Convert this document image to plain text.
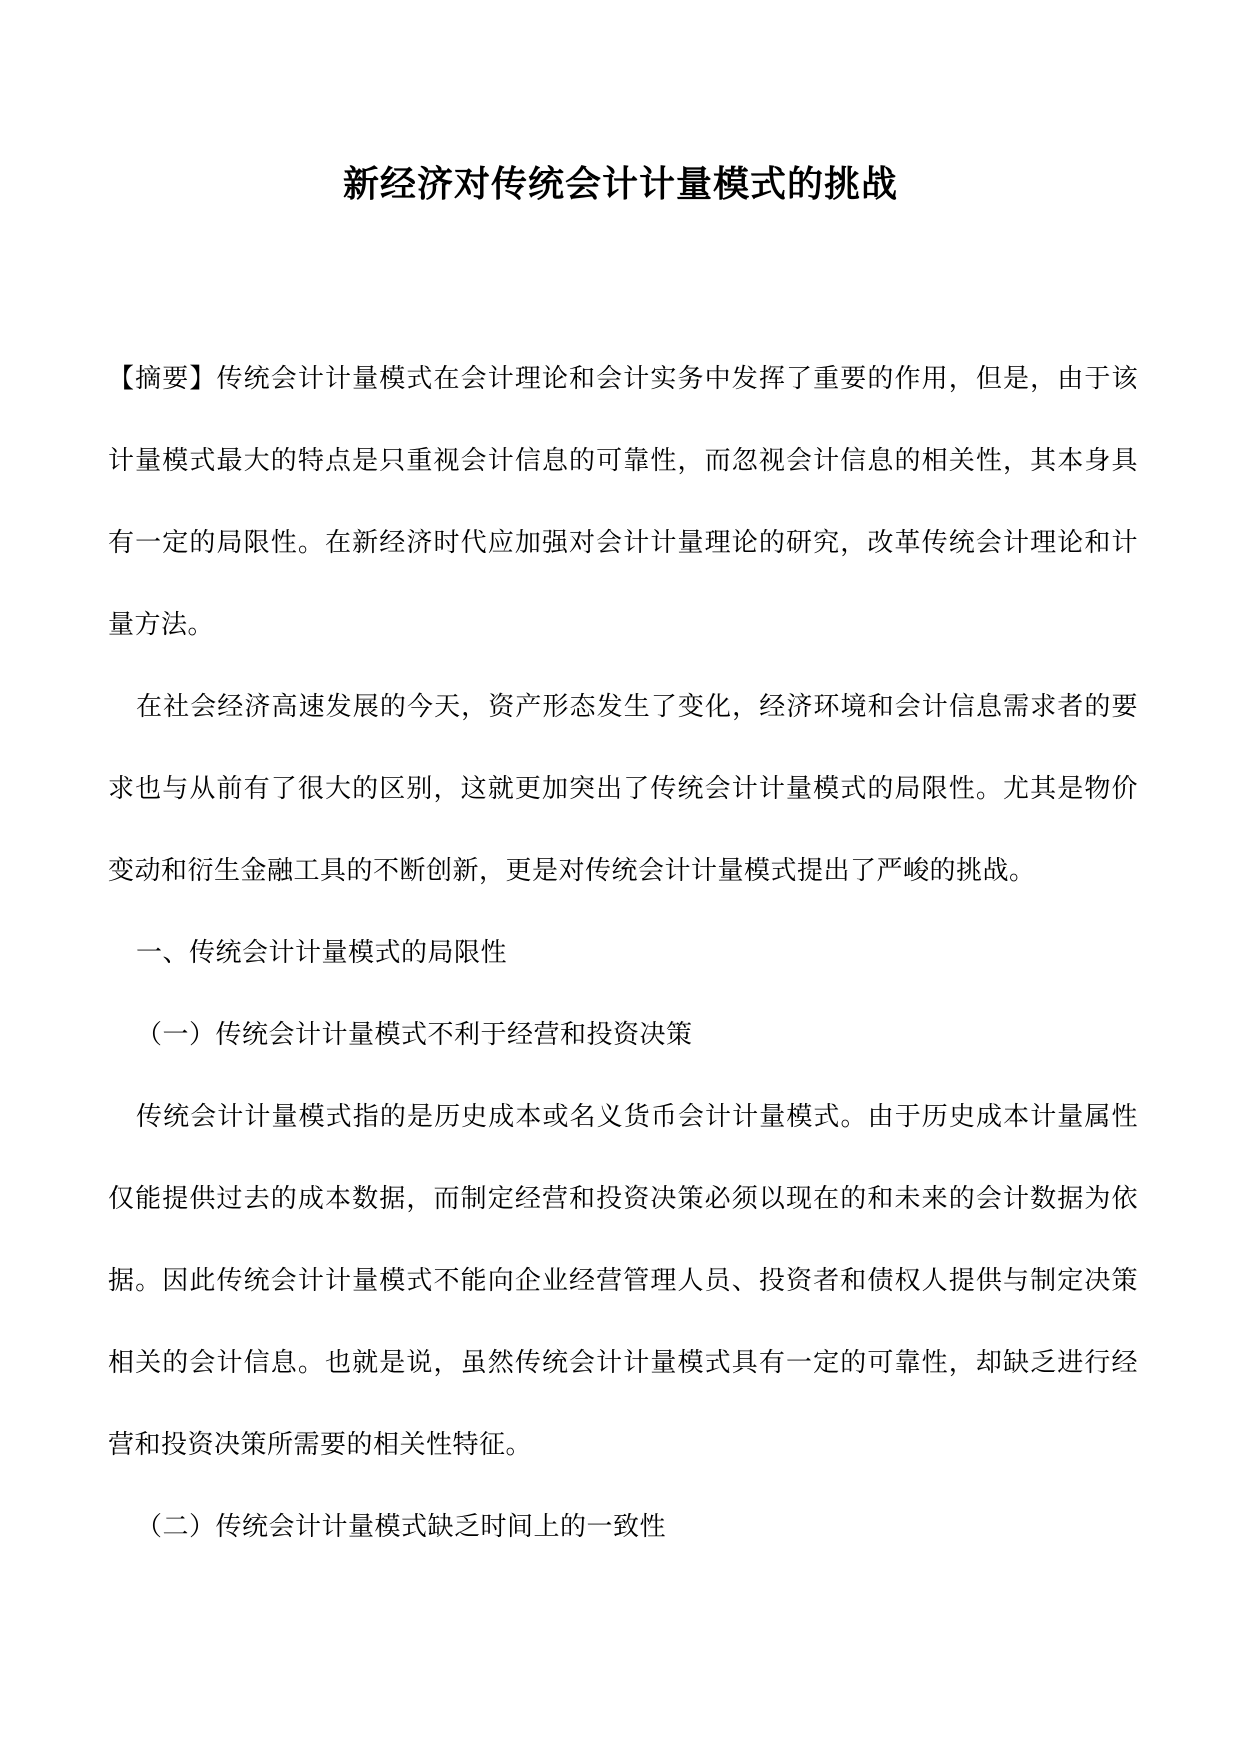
新经济对传统会计计量模式的挑战

【摘要】传统会计计量模式在会计理论和会计实务中发挥了重要的作用，但是，由于该计量模式最大的特点是只重视会计信息的可靠性，而忽视会计信息的相关性，其本身具有一定的局限性。在新经济时代应加强对会计计量理论的研究，改革传统会计理论和计量方法。

在社会经济高速发展的今天，资产形态发生了变化，经济环境和会计信息需求者的要求也与从前有了很大的区别，这就更加突出了传统会计计量模式的局限性。尤其是物价变动和衍生金融工具的不断创新，更是对传统会计计量模式提出了严峻的挑战。

一、传统会计计量模式的局限性

（一）传统会计计量模式不利于经营和投资决策

传统会计计量模式指的是历史成本或名义货币会计计量模式。由于历史成本计量属性仅能提供过去的成本数据，而制定经营和投资决策必须以现在的和未来的会计数据为依据。因此传统会计计量模式不能向企业经营管理人员、投资者和债权人提供与制定决策相关的会计信息。也就是说，虽然传统会计计量模式具有一定的可靠性，却缺乏进行经营和投资决策所需要的相关性特征。

（二）传统会计计量模式缺乏时间上的一致性
